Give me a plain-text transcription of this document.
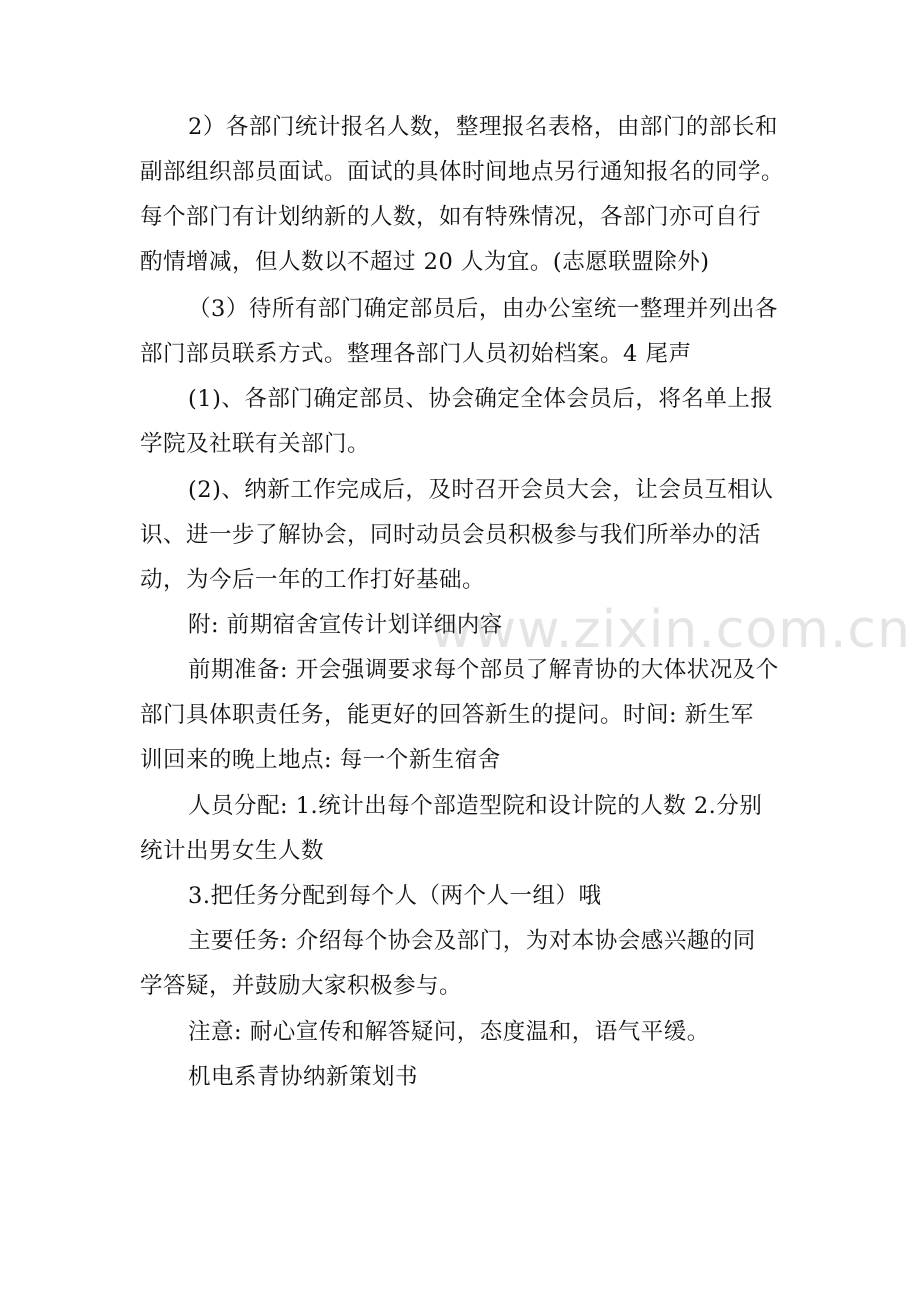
www.zixin.com.cn
2）各部门统计报名人数，整理报名表格，由部门的部长和
副部组织部员面试。面试的具体时间地点另行通知报名的同学。
每个部门有计划纳新的人数，如有特殊情况，各部门亦可自行
酌情增减，但人数以不超过 20 人为宜。(志愿联盟除外)
（3）待所有部门确定部员后，由办公室统一整理并列出各
部门部员联系方式。整理各部门人员初始档案。4 尾声
(1)、各部门确定部员、协会确定全体会员后，将名单上报
学院及社联有关部门。
(2)、纳新工作完成后，及时召开会员大会，让会员互相认
识、进一步了解协会，同时动员会员积极参与我们所举办的活
动，为今后一年的工作打好基础。
附: 前期宿舍宣传计划详细内容
前期准备: 开会强调要求每个部员了解青协的大体状况及个
部门具体职责任务，能更好的回答新生的提问。时间: 新生军
训回来的晚上地点: 每一个新生宿舍
人员分配: 1.统计出每个部造型院和设计院的人数 2.分别
统计出男女生人数
3.把任务分配到每个人（两个人一组）哦
主要任务: 介绍每个协会及部门，为对本协会感兴趣的同
学答疑，并鼓励大家积极参与。
注意: 耐心宣传和解答疑问，态度温和，语气平缓。
机电系青协纳新策划书
